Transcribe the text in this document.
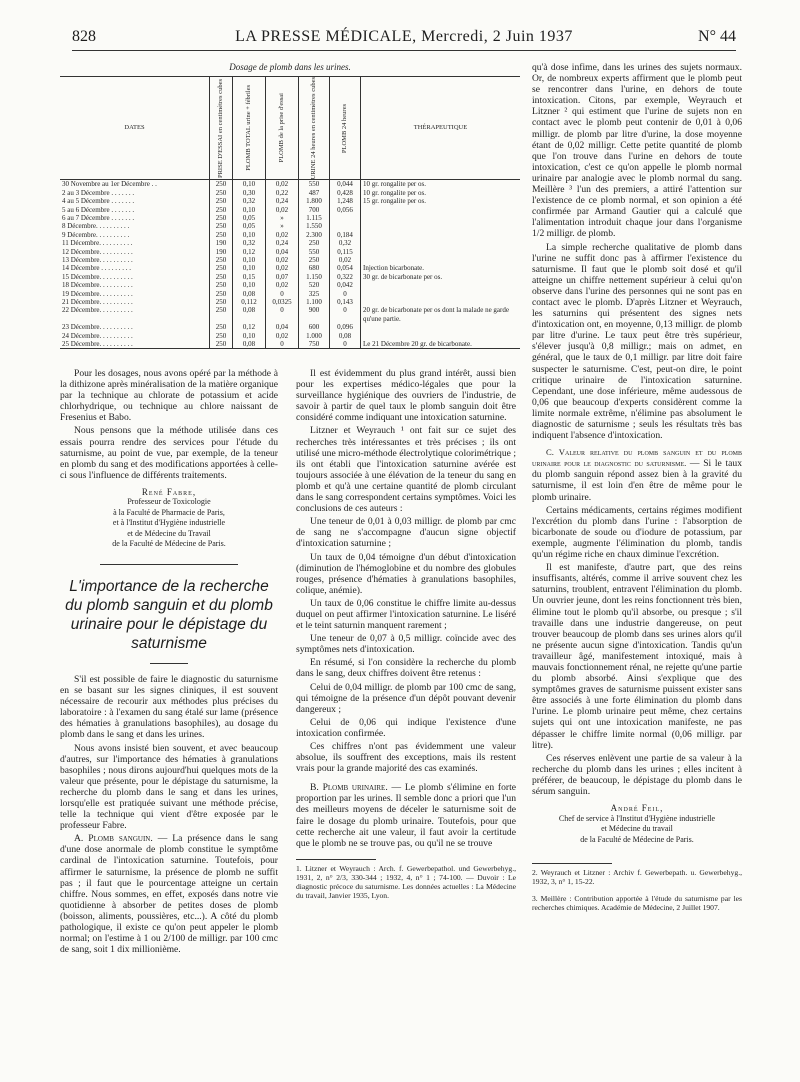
828	LA PRESSE MÉDICALE, Mercredi, 2 Juin 1937	N° 44
Dosage de plomb dans les urines.
DATES	PRISE D'ESSAI en centimètres cubes	PLOMB TOTAL urine + fébriles	PLOMB de la prise d'essai	URINE 24 heures en centimètres cubes	PLOMB 24 heures	THÉRAPEUTIQUE
30 Novembre au 1er Décembre . .	250	0,10	0,02	550	0,044	10 gr. rongalite per os.
2 au 3 Décembre . . . . . . .	250	0,30	0,22	487	0,428	10 gr. rongalite per os.
4 au 5 Décembre . . . . . . .	250	0,32	0,24	1.800	1,248	15 gr. rongalite per os.
5 au 6 Décembre . . . . . . .	250	0,10	0,02	700	0,056	
6 au 7 Décembre . . . . . . .	250	0,05	»	1.115		
8 Décembre. . . . . . . . . .	250	0,05	»	1.550		
9 Décembre. . . . . . . . . .	250	0,10	0,02	2.300	0,184	
11 Décembre. . . . . . . . . .	190	0,32	0,24	250	0,32	
12 Décembre. . . . . . . . . .	190	0,12	0,04	550	0,115	
13 Décembre. . . . . . . . . .	250	0,10	0,02	250	0,02	
14 Décembre . . . . . . . . .	250	0,10	0,02	680	0,054	Injection bicarbonate.
15 Décembre. . . . . . . . . .	250	0,15	0,07	1.150	0,322	30 gr. de bicarbonate per os.
18 Décembre. . . . . . . . . .	250	0,10	0,02	520	0,042	
19 Décembre. . . . . . . . . .	250	0,08	0	325	0	
21 Décembre. . . . . . . . . .	250	0,112	0,0325	1.100	0,143	
22 Décembre. . . . . . . . . .	250	0,08	0	900	0	20 gr. de bicarbonate per os dont la malade ne garde qu'une partie.
23 Décembre. . . . . . . . . .	250	0,12	0,04	600	0,096	
24 Décembre. . . . . . . . . .	250	0,10	0,02	1.000	0,08	
25 Décembre. . . . . . . . . .	250	0,08	0	750	0	Le 21 Décembre 20 gr. de bicarbonate.

Pour les dosages, nous avons opéré par la méthode à la dithizone après minéralisation de la matière organique par la technique au chlorate de potassium et acide chlorhydrique, ou technique au chlore naissant de Fresenius et Babo.

Nous pensons que la méthode utilisée dans ces essais pourra rendre des services pour l'étude du saturnisme, au point de vue, par exemple, de la teneur en plomb du sang et des modifications apportées à celle-ci sous l'influence de différents traitements.

René Fabre,
Professeur de Toxicologie
à la Faculté de Pharmacie de Paris,
et à l'Institut d'Hygiène industrielle
et de Médecine du Travail
de la Faculté de Médecine de Paris.
L'importance de la recherche du plomb sanguin et du plomb urinaire pour le dépistage du saturnisme

S'il est possible de faire le diagnostic du saturnisme en se basant sur les signes cliniques, il est souvent nécessaire de recourir aux méthodes plus précises du laboratoire : à l'examen du sang étalé sur lame (présence des hématies à granulations basophiles), au dosage du plomb dans le sang et dans les urines.

Nous avons insisté bien souvent, et avec beaucoup d'autres, sur l'importance des hématies à granulations basophiles ; nous dirons aujourd'hui quelques mots de la valeur que présente, pour le dépistage du saturnisme, la recherche du plomb dans le sang et dans les urines, lorsqu'elle est pratiquée suivant une méthode précise, telle la technique qui vient d'être exposée par le professeur Fabre.

A. Plomb sanguin. — La présence dans le sang d'une dose anormale de plomb constitue le symptôme cardinal de l'intoxication saturnine. Toutefois, pour affirmer le saturnisme, la présence de plomb ne suffit pas ; il faut que le pourcentage atteigne un certain chiffre. Nous sommes, en effet, exposés dans notre vie quotidienne à absorber de petites doses de plomb (boisson, aliments, poussières, etc...). A côté du plomb pathologique, il existe ce qu'on peut appeler le plomb normal; on l'estime à 1 ou 2/100 de milligr. par 100 cmc de sang, soit 1 dix millionième.

Il est évidemment du plus grand intérêt, aussi bien pour les expertises médico-légales que pour la surveillance hygiénique des ouvriers de l'industrie, de savoir à partir de quel taux le plomb sanguin doit être considéré comme indiquant une intoxication saturnine.

Litzner et Weyrauch ¹ ont fait sur ce sujet des recherches très intéressantes et très précises ; ils ont utilisé une micro-méthode électrolytique colorimétrique ; ils ont établi que l'intoxication saturnine avérée est toujours associée à une élévation de la teneur du sang en plomb et qu'à une certaine quantité de plomb circulant dans le sang correspondent certains symptômes. Voici les conclusions de ces auteurs :

Une teneur de 0,01 à 0,03 milligr. de plomb par cmc de sang ne s'accompagne d'aucun signe objectif d'intoxication saturnine ;

Un taux de 0,04 témoigne d'un début d'intoxication (diminution de l'hémoglobine et du nombre des globules rouges, présence d'hématies à granulations basophiles, colique, anémie).

Un taux de 0,06 constitue le chiffre limite au-dessus duquel on peut affirmer l'intoxication saturnine. Le liséré et le teint saturnin manquent rarement ;

Une teneur de 0,07 à 0,5 milligr. coïncide avec des symptômes nets d'intoxication.

En résumé, si l'on considère la recherche du plomb dans le sang, deux chiffres doivent être retenus :

Celui de 0,04 milligr. de plomb par 100 cmc de sang, qui témoigne de la présence d'un dépôt pouvant devenir dangereux ;

Celui de 0,06 qui indique l'existence d'une intoxication confirmée.

Ces chiffres n'ont pas évidemment une valeur absolue, ils souffrent des exceptions, mais ils restent vrais pour la grande majorité des cas examinés.

B. Plomb urinaire. — Le plomb s'élimine en forte proportion par les urines. Il semble donc a priori que l'un des meilleurs moyens de déceler le saturnisme soit de faire le dosage du plomb urinaire. Toutefois, pour que cette recherche ait une valeur, il faut avoir la certitude que le plomb ne se trouve pas, ou qu'il ne se trouve

1. Litzner et Weyrauch : Arch. f. Gewerbepathol. und Gewerbehyg., 1931, 2, n° 2/3, 330-344 ; 1932, 4, n° 1 ; 74-100. — Duvoir : Le diagnostic précoce du saturnisme. Les données actuelles : La Médecine du travail, Janvier 1935, Lyon.

qu'à dose infime, dans les urines des sujets normaux. Or, de nombreux experts affirment que le plomb peut se rencontrer dans l'urine, en dehors de toute intoxication. Citons, par exemple, Weyrauch et Litzner ² qui estiment que l'urine de sujets non en contact avec le plomb peut contenir de 0,01 à 0,06 milligr. de plomb par litre d'urine, la dose moyenne étant de 0,02 milligr. Cette petite quantité de plomb que l'on trouve dans l'urine en dehors de toute intoxication, c'est ce qu'on appelle le plomb normal urinaire par analogie avec le plomb normal du sang. Meillère ³ l'un des premiers, a attiré l'attention sur l'existence de ce plomb normal, et son opinion a été confirmée par Armand Gautier qui a calculé que l'alimentation introduit chaque jour dans l'organisme 1/2 milligr. de plomb.

La simple recherche qualitative de plomb dans l'urine ne suffit donc pas à affirmer l'existence du saturnisme. Il faut que le plomb soit dosé et qu'il atteigne un chiffre nettement supérieur à celui qu'on observe dans l'urine des personnes qui ne sont pas en contact avec le plomb. D'après Litzner et Weyrauch, les saturnins qui présentent des signes nets d'intoxication ont, en moyenne, 0,13 milligr. de plomb par litre d'urine. Le taux peut être très supérieur, s'élever jusqu'à 0,8 milligr.; mais on admet, en général, que le taux de 0,1 milligr. par litre doit faire suspecter le saturnisme. C'est, peut-on dire, le point critique urinaire de l'intoxication saturnine. Cependant, une dose inférieure, même audessous de 0,06 que beaucoup d'experts considèrent comme la limite normale extrême, n'élimine pas absolument le diagnostic de saturnisme ; seuls les résultats très bas indiquent l'absence d'intoxication.

C. Valeur relative du plomb sanguin et du plomb urinaire pour le diagnostic du saturnisme. — Si le taux du plomb sanguin répond assez bien à la gravité du saturnisme, il est loin d'en être de même pour le plomb urinaire.

Certains médicaments, certains régimes modifient l'excrétion du plomb dans l'urine : l'absorption de bicarbonate de soude ou d'iodure de potassium, par exemple, augmente l'élimination du plomb, tandis qu'un régime riche en chaux diminue l'excrétion.

Il est manifeste, d'autre part, que des reins insuffisants, altérés, comme il arrive souvent chez les saturnins, troublent, entravent l'élimination du plomb. Un ouvrier jeune, dont les reins fonctionnent très bien, élimine tout le plomb qu'il absorbe, ou presque ; s'il travaille dans une industrie dangereuse, on peut trouver beaucoup de plomb dans ses urines alors qu'il ne présente aucun signe d'intoxication. Tandis qu'un travailleur âgé, manifestement intoxiqué, mais à mauvais fonctionnement rénal, ne rejette qu'une partie du plomb absorbé. Ainsi s'explique que des symptômes graves de saturnisme puissent exister sans être associés à une forte élimination du plomb dans l'urine. Le plomb urinaire peut même, chez certains sujets qui ont une intoxication manifeste, ne pas dépasser le chiffre limite normal (0,06 milligr. par litre).

Ces réserves enlèvent une partie de sa valeur à la recherche du plomb dans les urines ; elles incitent à préférer, de beaucoup, le dépistage du plomb dans le sérum sanguin.

André Feil,
Chef de service à l'Institut d'Hygiène industrielle
et Médecine du travail
de la Faculté de Médecine de Paris.

2. Weyrauch et Litzner : Archiv f. Gewerbepath. u. Gewerbehyg., 1932, 3, n° 1, 15-22.

3. Meillère : Contribution apportée à l'étude du saturnisme par les recherches chimiques. Académie de Médecine, 2 Juillet 1907.
